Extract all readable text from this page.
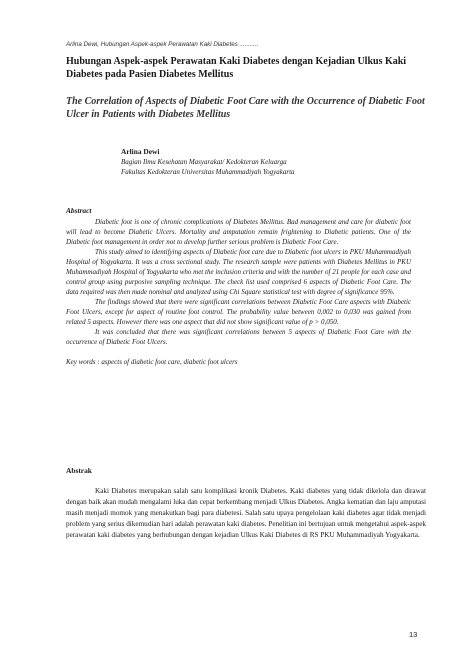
Arlina Dewi, Hubungan Aspek-aspek Perawatan Kaki Diabetes ...........
Hubungan Aspek-aspek Perawatan Kaki Diabetes dengan Kejadian Ulkus Kaki Diabetes pada Pasien Diabetes Mellitus
The Correlation of Aspects of Diabetic Foot Care with the Occurrence of Diabetic Foot Ulcer in Patients with Diabetes Mellitus
Arlina Dewi
Bagian Ilmu Kesehatan Masyarakat/ Kedokteran Keluarga
Fakultas Kedokteran Universitas Muhammadiyah Yogyakarta
Abstract

Diabetic foot is one of chronic complications of Diabetes Mellitus. Bad management and care for diabetic foot will lead to become Diabetic Ulcers. Mortality and amputation remain frightening to Diabetic patients. One of the Diabetic foot management in order not to develop further serious problem is Diabetic Foot Care.

This study aimed to identifying aspects of Diabetic foot care due to Diabetic foot ulcers in PKU Muhammadiyah Hospital of Yogyakarta. It was a cross sectional study. The research sample were patients with Diabetes Mellitus in PKU Muhammadiyah Hospital of Yogyakarta who met the inclusion criteria and with the number of 21 people for each case and control group using purposive sampling technique. The check list used comprised 6 aspects of Diabetic Foot Care. The data required was then made nominal and analyzed using Chi Square statistical test with degree of significance 95%.

The findings showed that there were significant correlations between Diabetic Foot Care aspects with Diabetic Foot Ulcers, except for aspect of routine foot control. The probability value between 0,002 to 0,030 was gained from related 5 aspects. However there was one aspect that did not show significant value of p > 0,050.

It was concluded that there was significant correlations between 5 aspects of Diabetic Foot Care with the occurrence of Diabetic Foot Ulcers.

Key words : aspects of diabetic foot care, diabetic foot ulcers

Abstrak

Kaki Diabetes merupakan salah satu komplikasi kronik Diabetes. Kaki diabetes yang tidak dikelola dan dirawat dengan baik akan mudah mengalami luka dan cepat berkembang menjadi Ulkus Diabetes. Angka kematian dan laju amputasi masih menjadi momok yang menakutkan bagi para diabetesi. Salah satu upaya pengelolaan kaki diabetes agar tidak menjadi problem yang serius dikemudian hari adalah perawatan kaki diabetes. Penelitian ini bertujuan untuk mengetahui aspek-aspek perawatan kaki diabetes yang berhubungan dengan kejadian Ulkus Kaki Diabetes di RS PKU Muhammadiyah Yogyakarta.

13
